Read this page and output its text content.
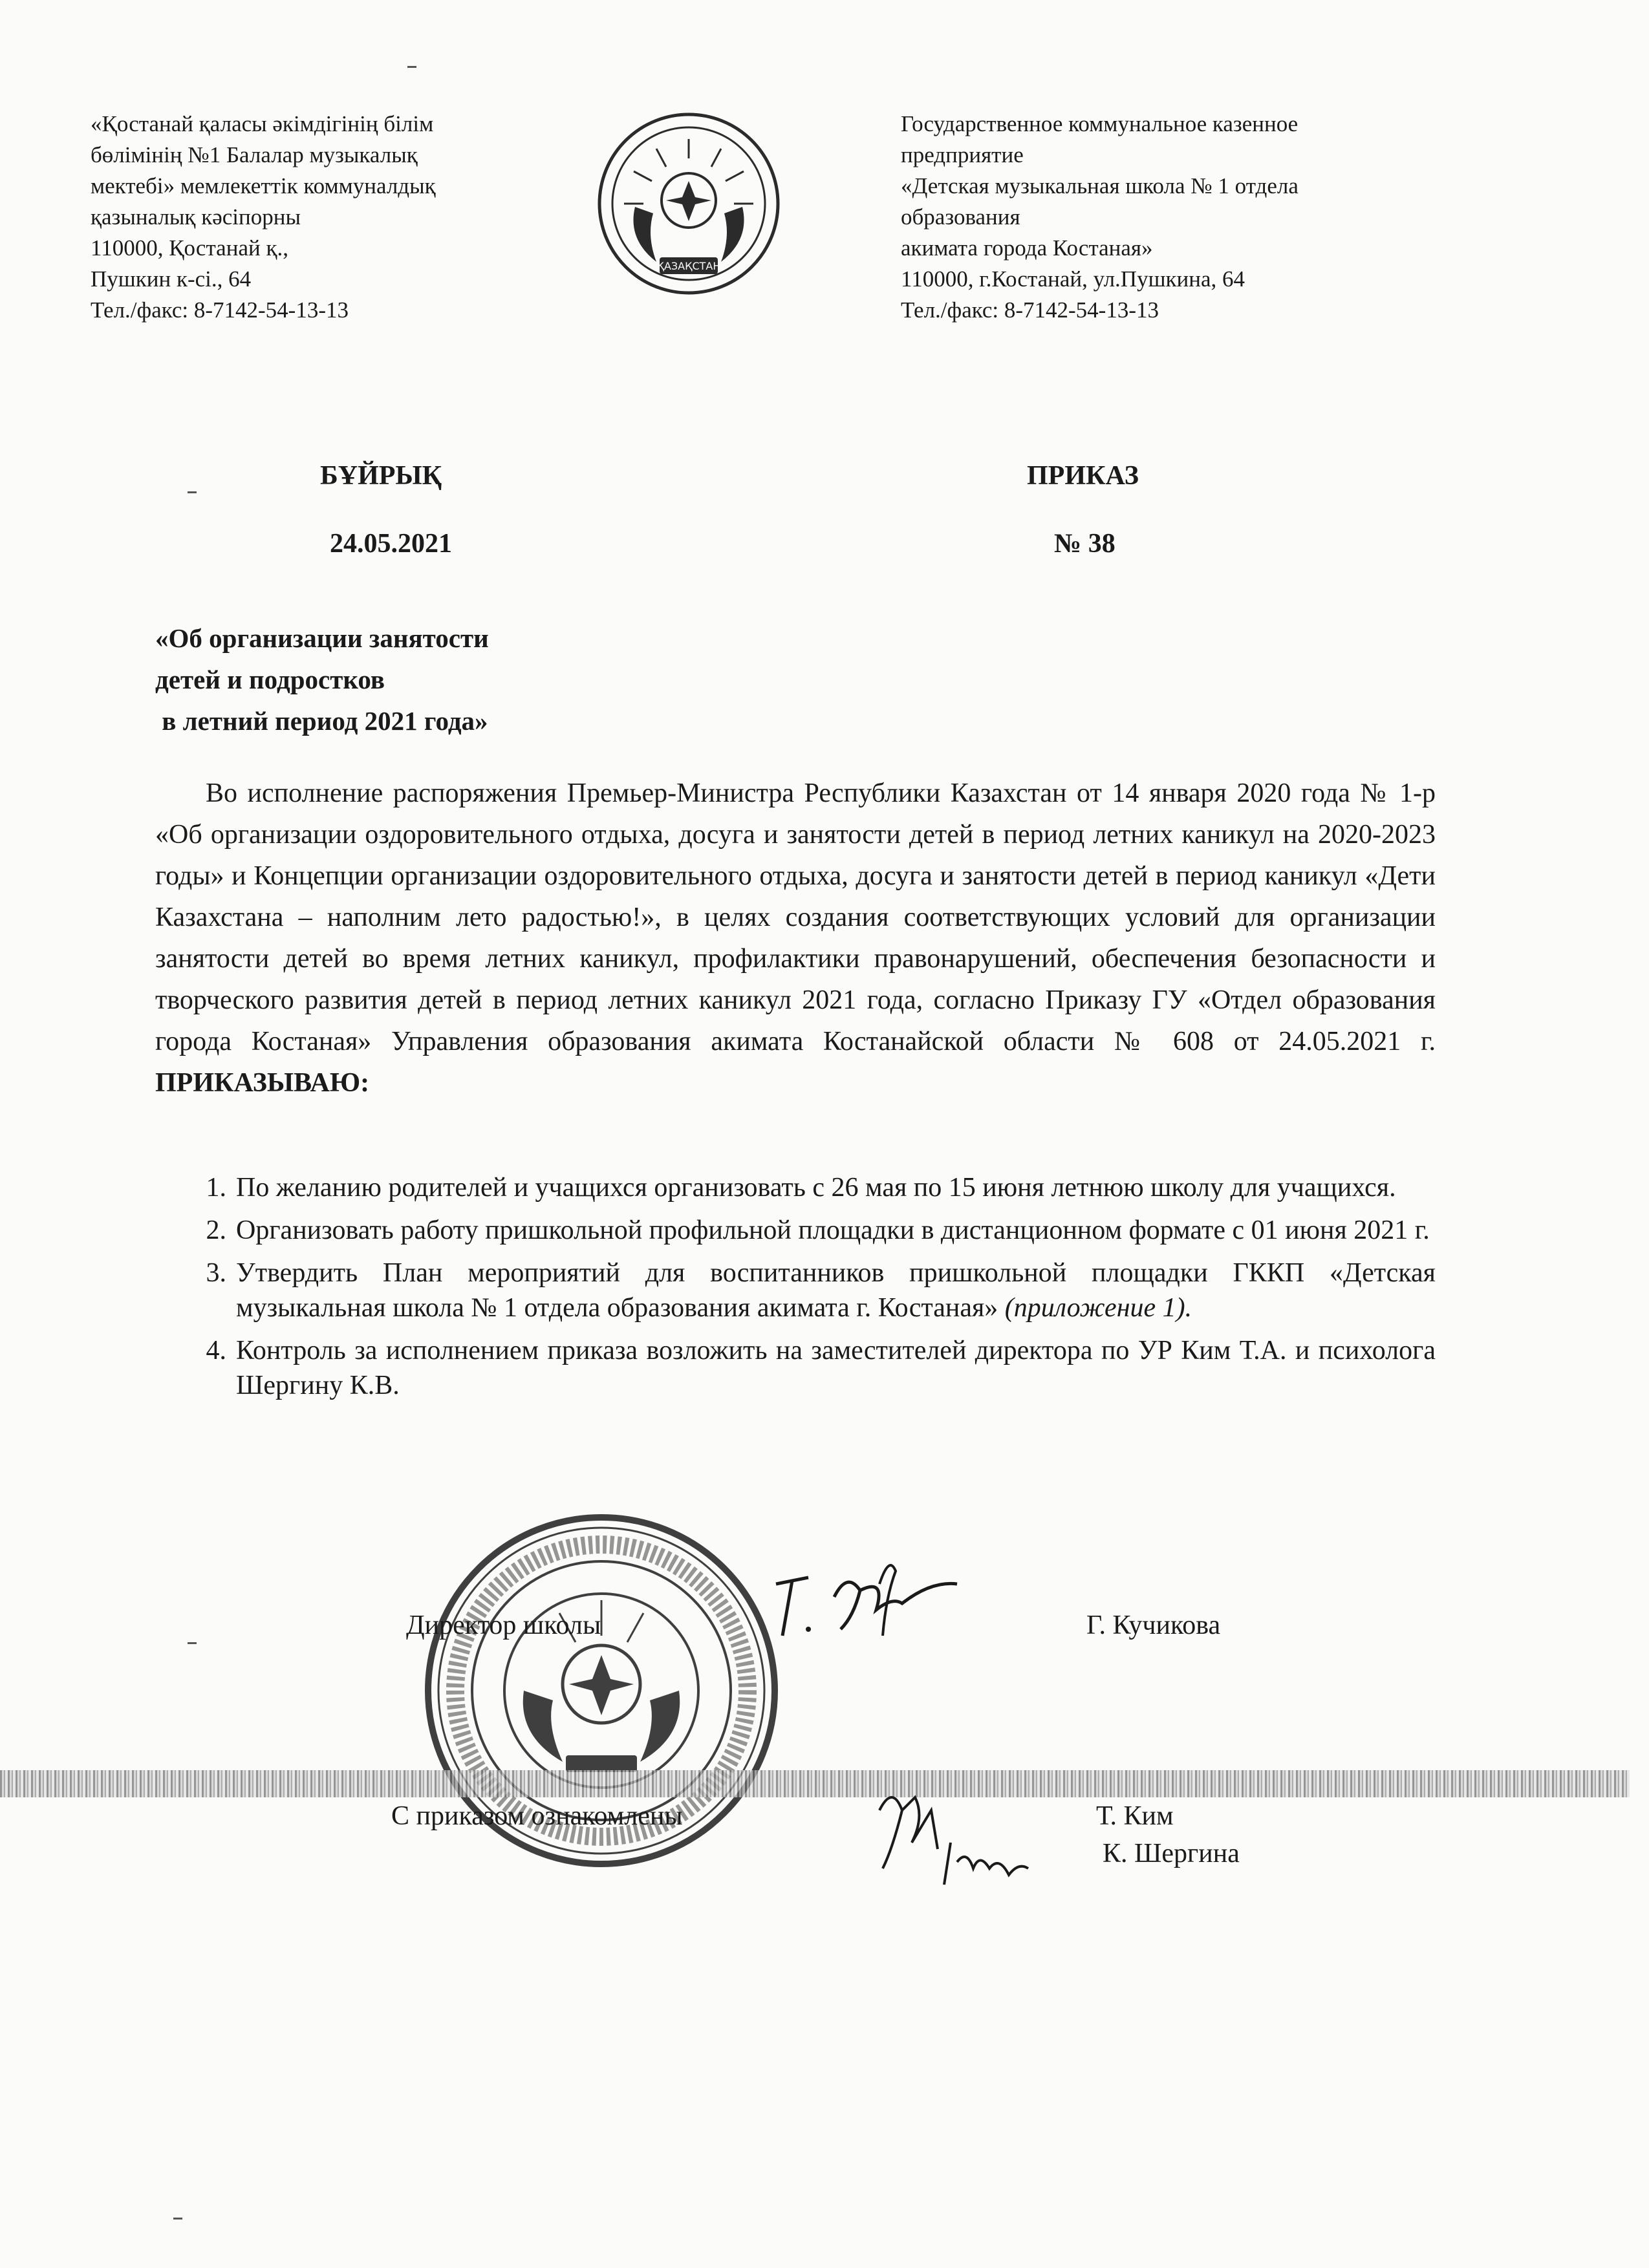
«Қостанай қаласы әкімдігінің білім
бөлімінің №1 Балалар музыкалық
мектебі» мемлекеттік коммуналдық
қазыналық кәсіпорны
110000, Қостанай қ.,
Пушкин к-сі., 64
Тел./факс: 8-7142-54-13-13
ҚАЗАҚСТАН
Государственное коммунальное казенное
предприятие
«Детская музыкальная школа № 1 отдела
образования
акимата города Костаная»
110000, г.Костанай, ул.Пушкина, 64
Тел./факс: 8-7142-54-13-13
БҰЙРЫҚ	ПРИКАЗ
24.05.2021	№ 38
«Об организации занятости
детей и подростков
в летний период 2021 года»
Во исполнение распоряжения Премьер-Министра Республики Казахстан от 14 января 2020 года № 1-р «Об организации оздоровительного отдыха, досуга и занятости детей в период летних каникул на 2020-2023 годы» и Концепции организации оздоровительного отдыха, досуга и занятости детей в период каникул «Дети Казахстана – наполним лето радостью!», в целях создания соответствующих условий для организации занятости детей во время летних каникул, профилактики правонарушений, обеспечения безопасности и творческого развития детей в период летних каникул 2021 года, согласно Приказу ГУ «Отдел образования города Костаная» Управления образования акимата Костанайской области № 608 от 24.05.2021 г. ПРИКАЗЫВАЮ:
1. По желанию родителей и учащихся организовать с 26 мая по 15 июня летнюю школу для учащихся.
2. Организовать работу пришкольной профильной площадки в дистанционном формате с 01 июня 2021 г.
3. Утвердить План мероприятий для воспитанников пришкольной площадки ГККП «Детская музыкальная школа № 1 отдела образования акимата г. Костаная» (приложение 1).
4. Контроль за исполнением приказа возложить на заместителей директора по УР Ким Т.А. и психолога Шергину К.В.
Директор школы	Г. Кучикова
С приказом ознакомлены	Т. Ким
К. Шергина
